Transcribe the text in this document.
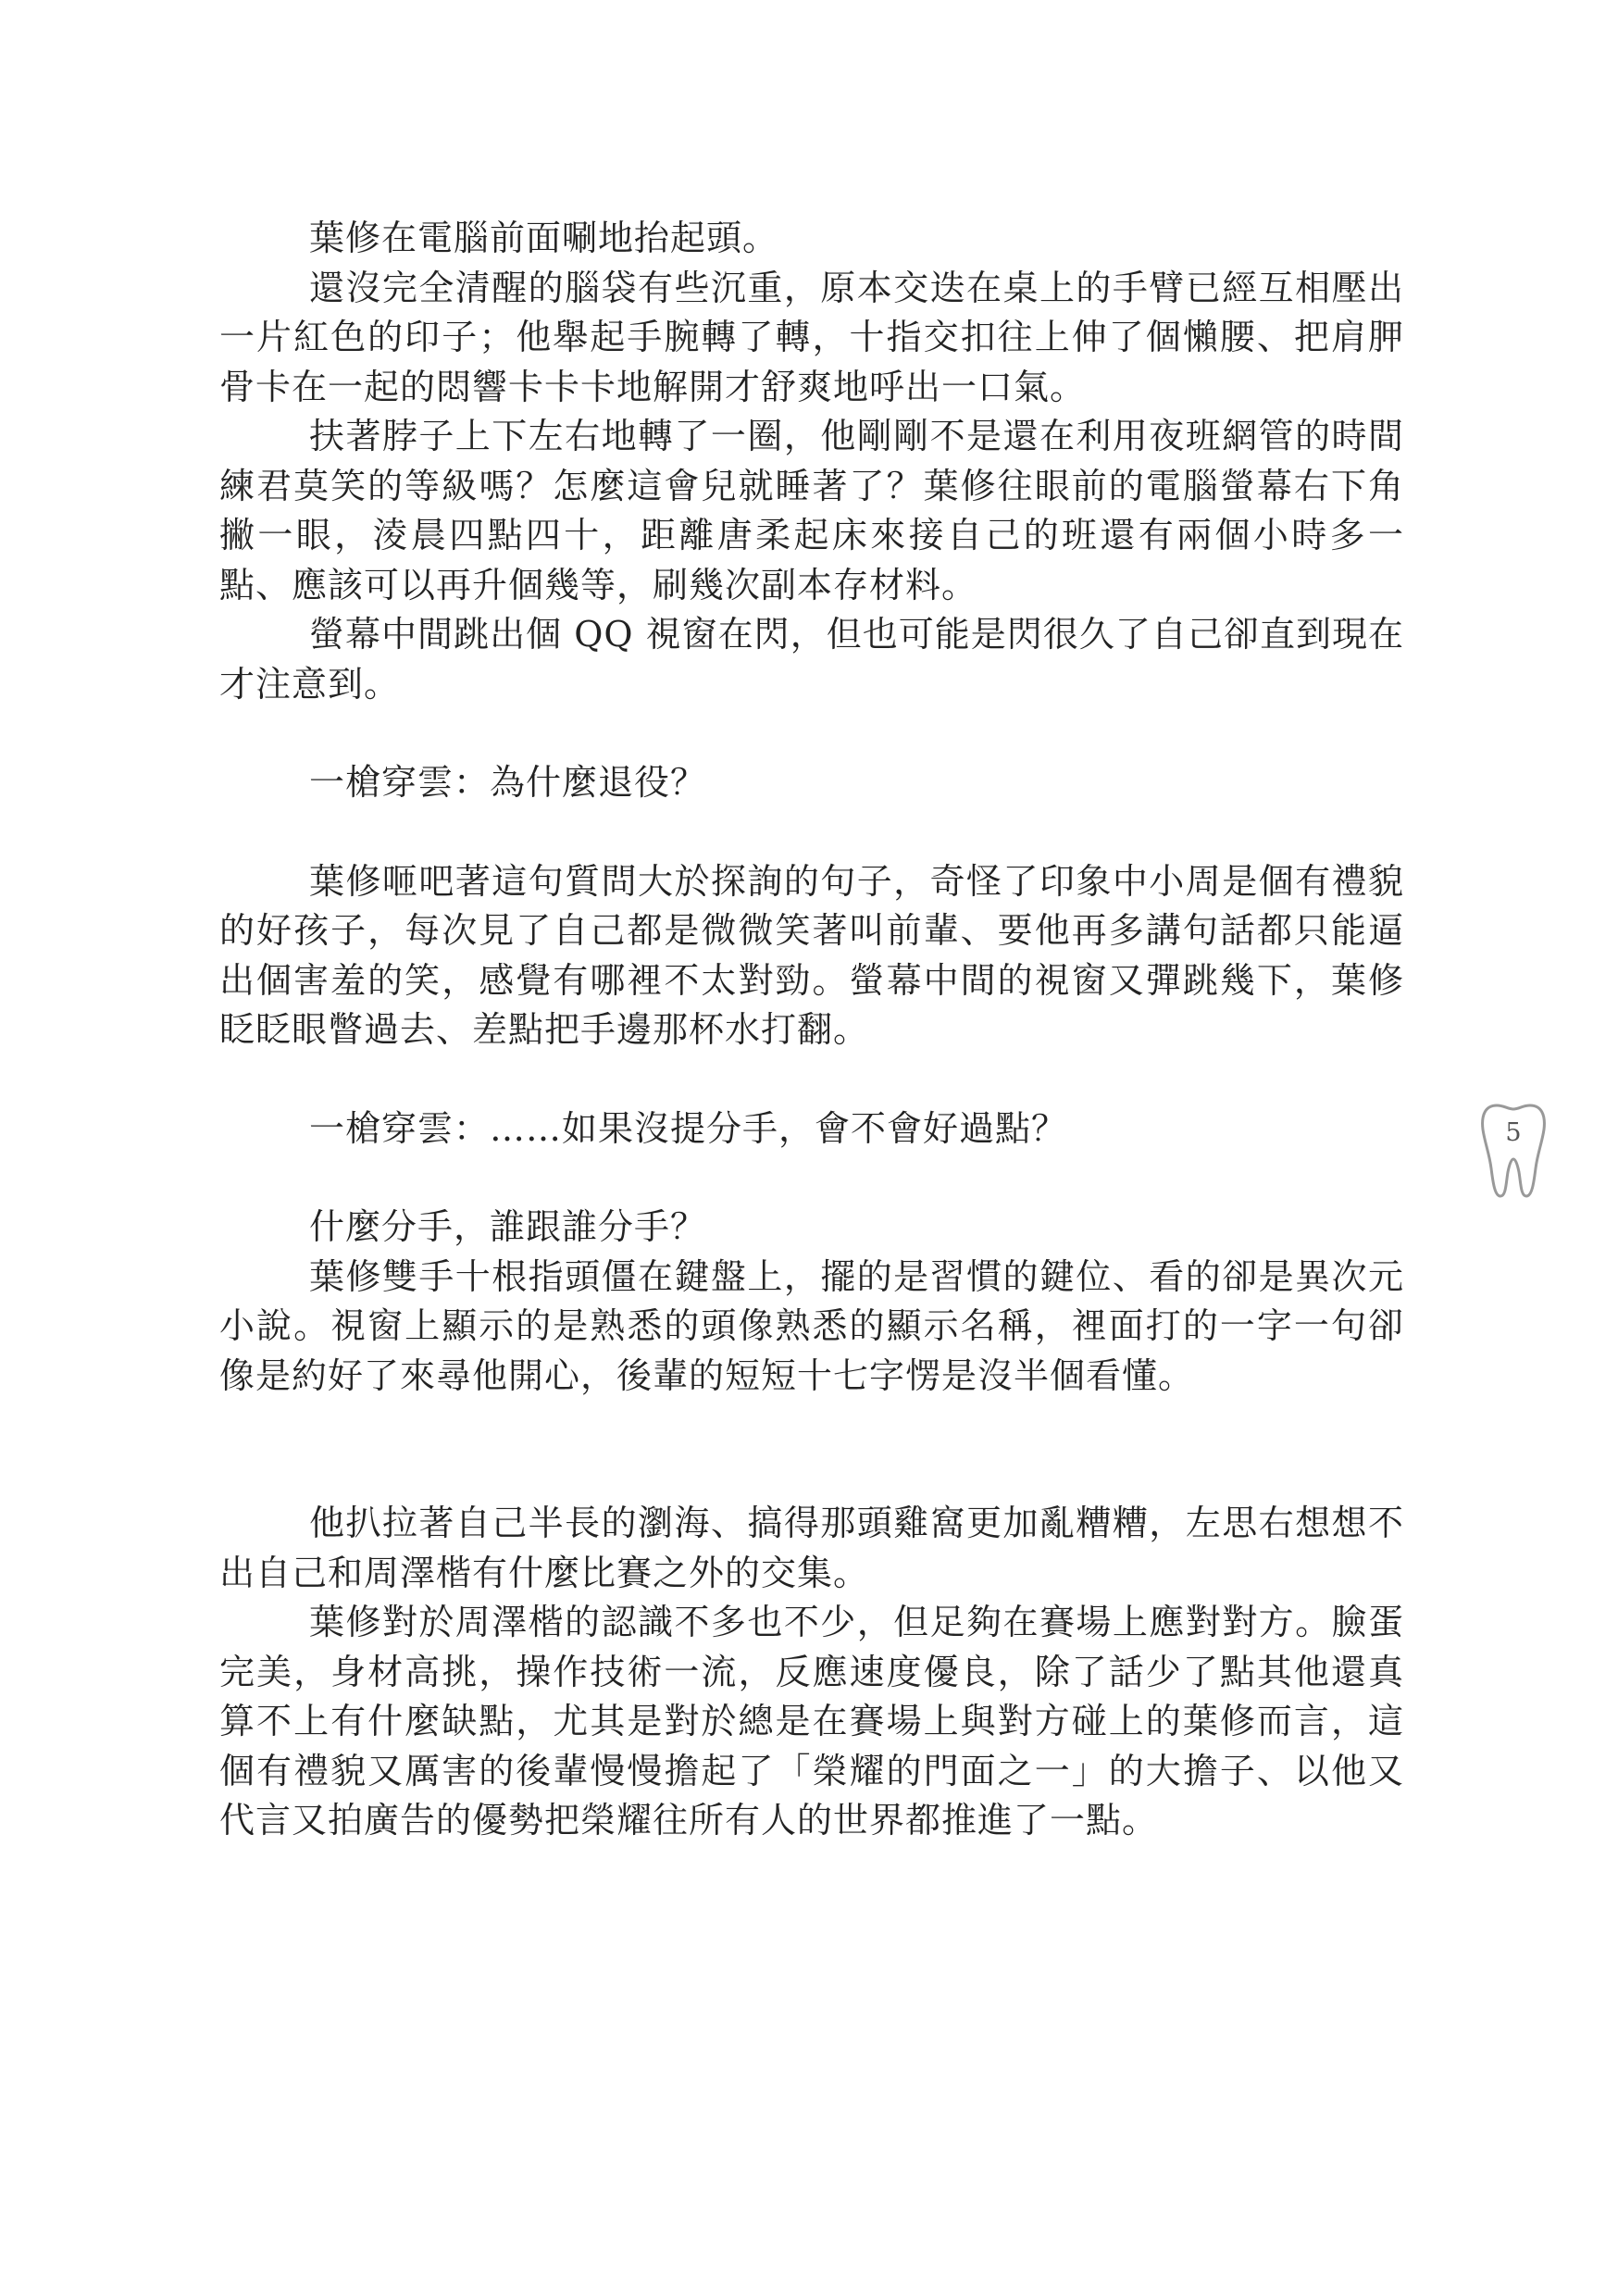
葉修在電腦前面唰地抬起頭。

還沒完全清醒的腦袋有些沉重，原本交迭在桌上的手臂已經互相壓出一片紅色的印子；他舉起手腕轉了轉，十指交扣往上伸了個懶腰、把肩胛骨卡在一起的悶響卡卡卡地解開才舒爽地呼出一口氣。

扶著脖子上下左右地轉了一圈，他剛剛不是還在利用夜班網管的時間練君莫笑的等級嗎？怎麼這會兒就睡著了？葉修往眼前的電腦螢幕右下角撇一眼，淩晨四點四十，距離唐柔起床來接自己的班還有兩個小時多一點、應該可以再升個幾等，刷幾次副本存材料。

螢幕中間跳出個 QQ 視窗在閃，但也可能是閃很久了自己卻直到現在才注意到。

一槍穿雲：為什麼退役？

葉修咂吧著這句質問大於探詢的句子，奇怪了印象中小周是個有禮貌的好孩子，每次見了自己都是微微笑著叫前輩、要他再多講句話都只能逼出個害羞的笑，感覺有哪裡不太對勁。螢幕中間的視窗又彈跳幾下，葉修眨眨眼瞥過去、差點把手邊那杯水打翻。

一槍穿雲：……如果沒提分手，會不會好過點？

什麼分手，誰跟誰分手？

葉修雙手十根指頭僵在鍵盤上，擺的是習慣的鍵位、看的卻是異次元小說。視窗上顯示的是熟悉的頭像熟悉的顯示名稱，裡面打的一字一句卻像是約好了來尋他開心，後輩的短短十七字愣是沒半個看懂。

他扒拉著自己半長的瀏海、搞得那頭雞窩更加亂糟糟，左思右想想不出自己和周澤楷有什麼比賽之外的交集。

葉修對於周澤楷的認識不多也不少，但足夠在賽場上應對對方。臉蛋完美，身材高挑，操作技術一流，反應速度優良，除了話少了點其他還真算不上有什麼缺點，尤其是對於總是在賽場上與對方碰上的葉修而言，這個有禮貌又厲害的後輩慢慢擔起了「榮耀的門面之一」的大擔子、以他又代言又拍廣告的優勢把榮耀往所有人的世界都推進了一點。

5
